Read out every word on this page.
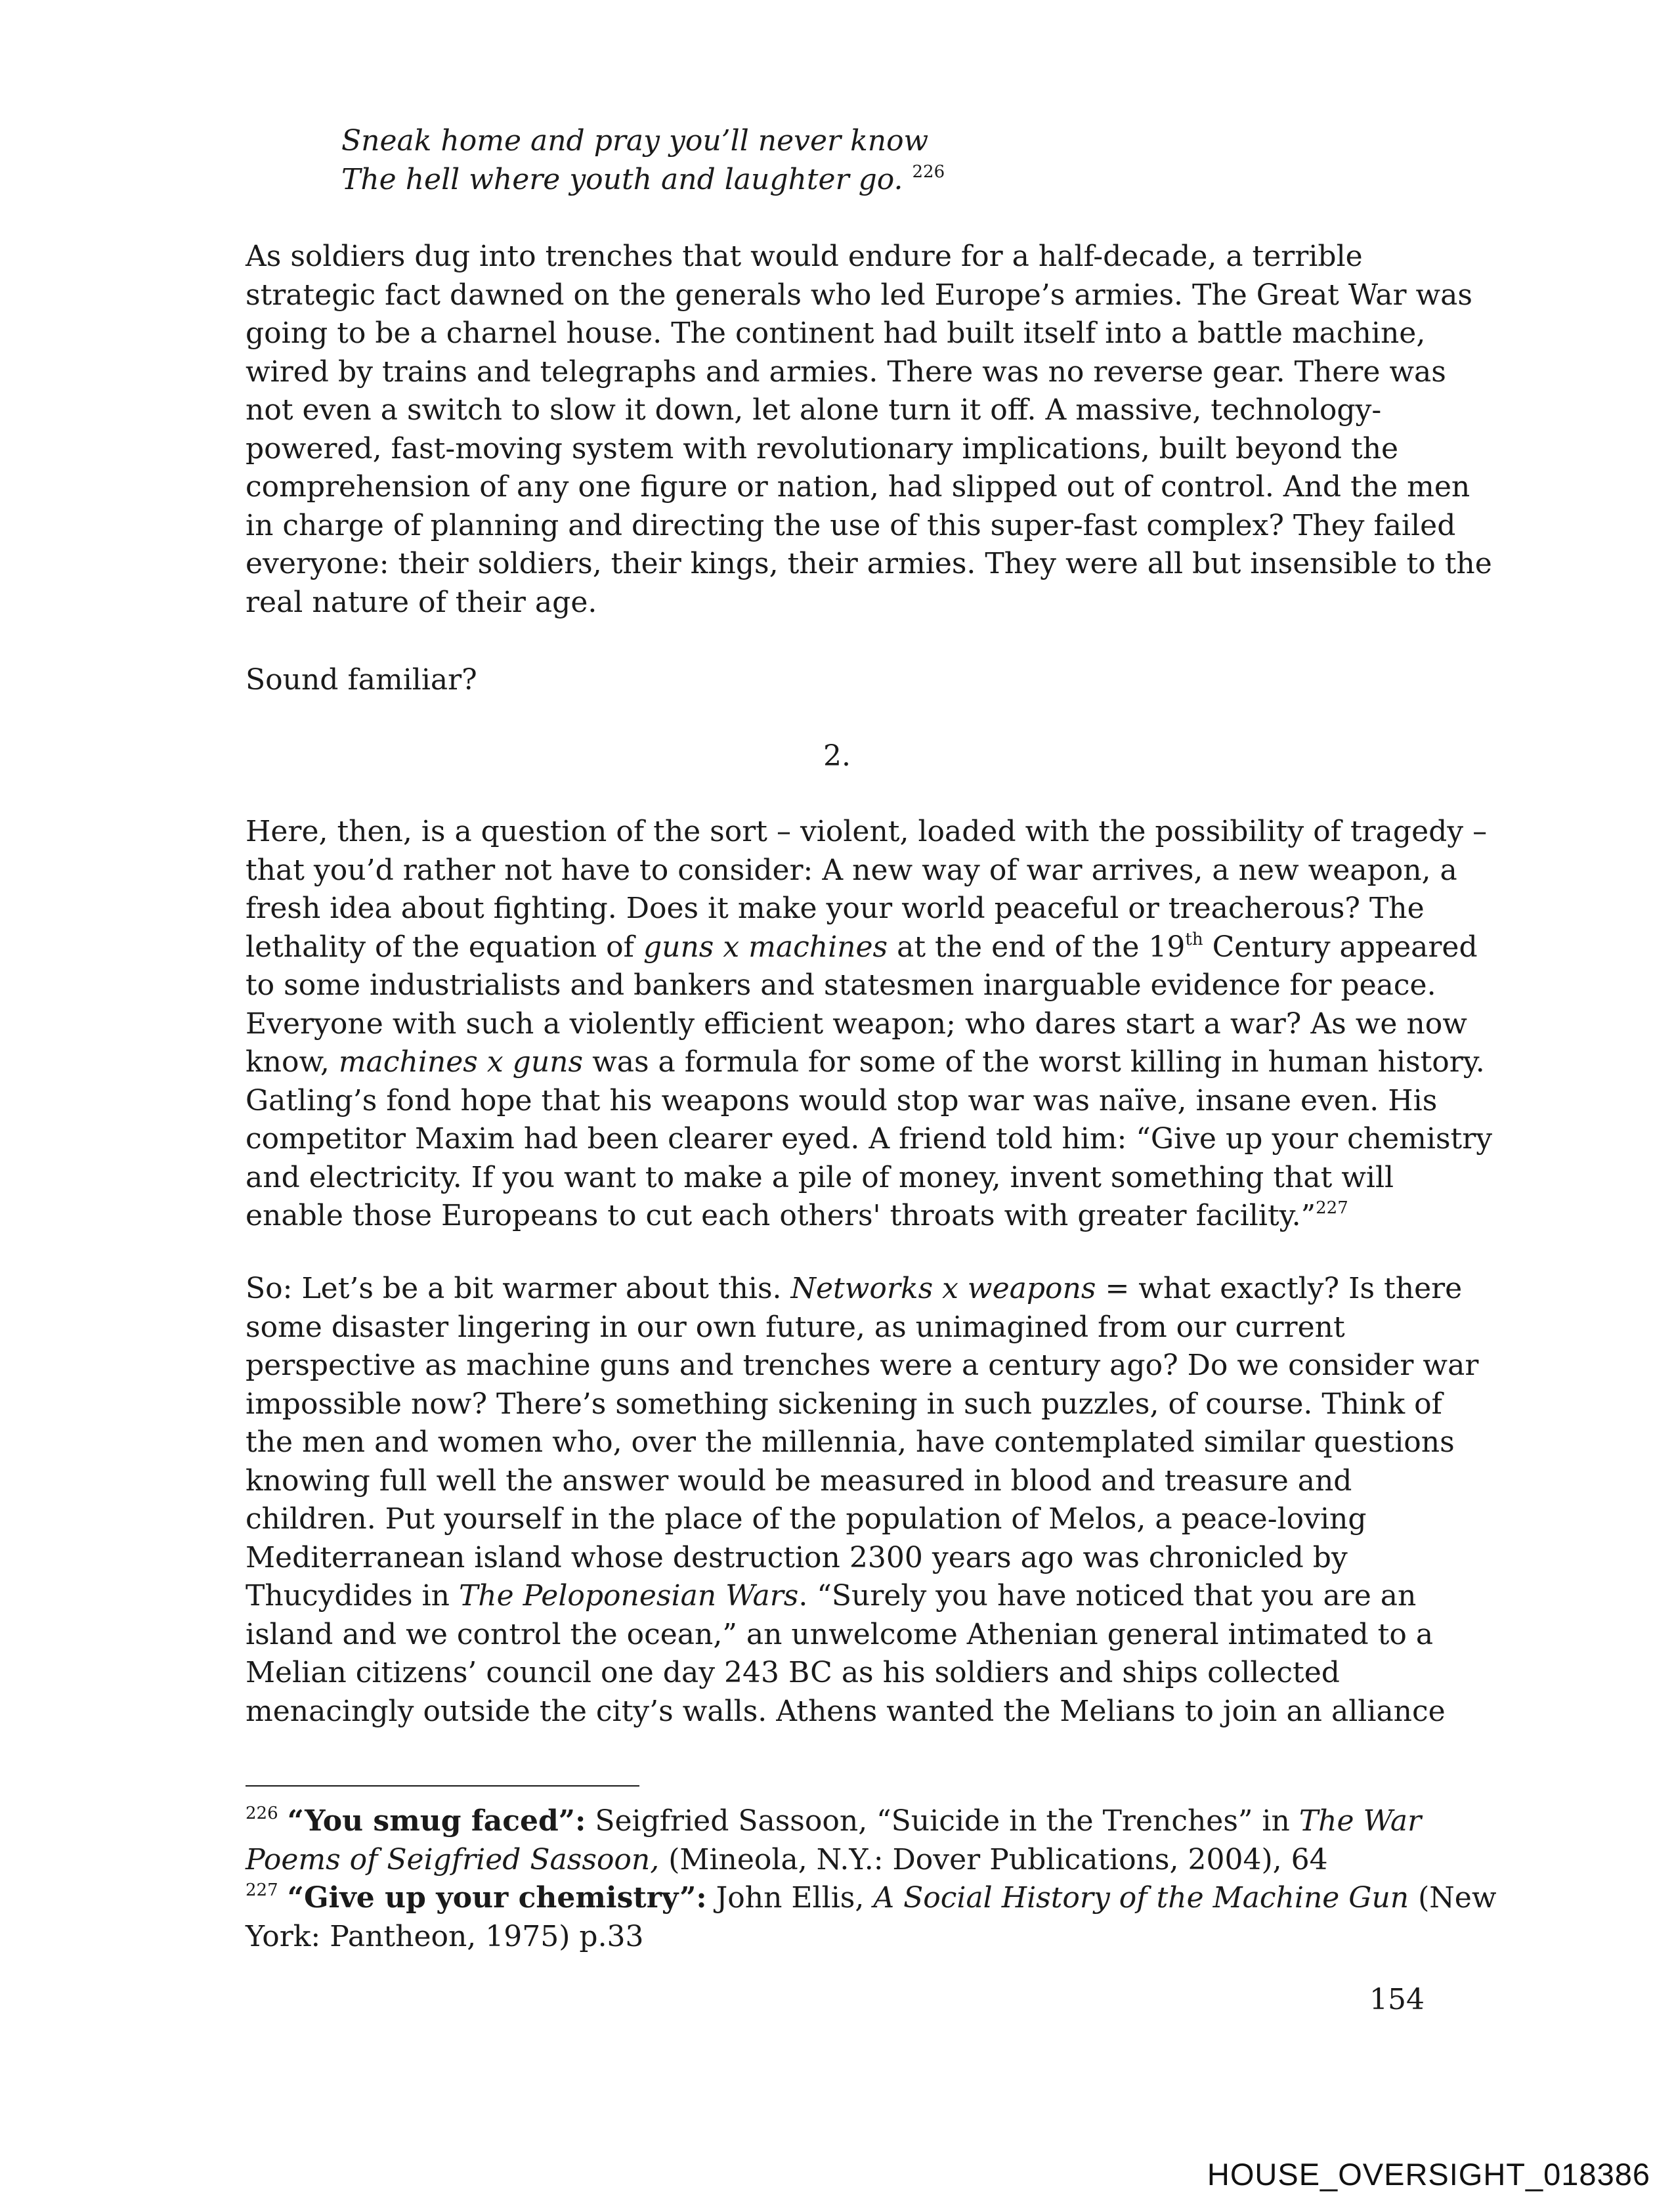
Sneak home and pray you’ll never know
The hell where youth and laughter go. $^{226}$
As soldiers dug into trenches that would endure for a half-decade, a terrible
strategic fact dawned on the generals who led Europe’s armies. The Great War was
going to be a charnel house. The continent had built itself into a battle machine,
wired by trains and telegraphs and armies. There was no reverse gear. There was
not even a switch to slow it down, let alone turn it off. A massive, technology-
powered, fast-moving system with revolutionary implications, built beyond the
comprehension of any one figure or nation, had slipped out of control. And the men
in charge of planning and directing the use of this super-fast complex? They failed
everyone: their soldiers, their kings, their armies. They were all but insensible to the
real nature of their age.
Sound familiar?
2.
Here, then, is a question of the sort – violent, loaded with the possibility of tragedy –
that you’d rather not have to consider: A new way of war arrives, a new weapon, a
fresh idea about fighting. Does it make your world peaceful or treacherous? The
lethality of the equation of guns x machines at the end of the 19th Century appeared
to some industrialists and bankers and statesmen inarguable evidence for peace.
Everyone with such a violently efficient weapon; who dares start a war? As we now
know, machines x guns was a formula for some of the worst killing in human history.
Gatling’s fond hope that his weapons would stop war was naïve, insane even. His
competitor Maxim had been clearer eyed. A friend told him: “Give up your chemistry
and electricity. If you want to make a pile of money, invent something that will
enable those Europeans to cut each others' throats with greater facility.”$^{227}$
So: Let’s be a bit warmer about this. Networks x weapons = what exactly? Is there
some disaster lingering in our own future, as unimagined from our current
perspective as machine guns and trenches were a century ago? Do we consider war
impossible now? There’s something sickening in such puzzles, of course. Think of
the men and women who, over the millennia, have contemplated similar questions
knowing full well the answer would be measured in blood and treasure and
children. Put yourself in the place of the population of Melos, a peace-loving
Mediterranean island whose destruction 2300 years ago was chronicled by
Thucydides in The Peloponesian Wars. “Surely you have noticed that you are an
island and we control the ocean,” an unwelcome Athenian general intimated to a
Melian citizens’ council one day 243 BC as his soldiers and ships collected
menacingly outside the city’s walls. Athens wanted the Melians to join an alliance
$^{226}$ “You smug faced”: Seigfried Sassoon, “Suicide in the Trenches” in The War
Poems of Seigfried Sassoon, (Mineola, N.Y.: Dover Publications, 2004), 64
$^{227}$ “Give up your chemistry”: John Ellis, A Social History of the Machine Gun (New
York: Pantheon, 1975) p.33
154
HOUSE_OVERSIGHT_018386
